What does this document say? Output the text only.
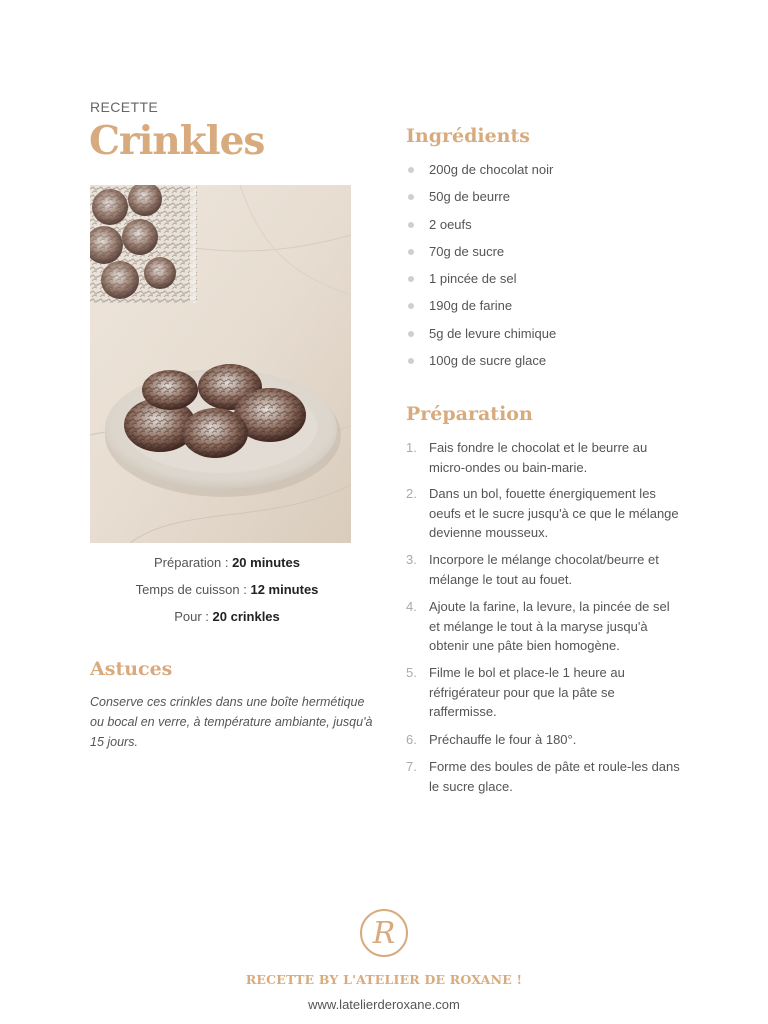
RECETTE
Crinkles
Préparation : 20 minutes
Temps de cuisson : 12 minutes
Pour : 20 crinkles
Astuces
Conserve ces crinkles dans une boîte hermétique ou bocal en verre, à température ambiante, jusqu'à 15 jours.
Ingrédients
200g de chocolat noir
50g de beurre
2 oeufs
70g de sucre
1 pincée de sel
190g de farine
5g de levure chimique
100g de sucre glace
Préparation
1. Fais fondre le chocolat et le beurre au micro-ondes ou bain-marie.
2. Dans un bol, fouette énergiquement les oeufs et le sucre jusqu'à ce que le mélange devienne mousseux.
3. Incorpore le mélange chocolat/beurre et mélange le tout au fouet.
4. Ajoute la farine, la levure, la pincée de sel et mélange le tout à la maryse jusqu'à obtenir une pâte bien homogène.
5. Filme le bol et place-le 1 heure au réfrigérateur pour que la pâte se raffermisse.
6. Préchauffe le four à 180°.
7. Forme des boules de pâte et roule-les dans le sucre glace.
R
RECETTE BY L'ATELIER DE ROXANE !
www.latelierderoxane.com
